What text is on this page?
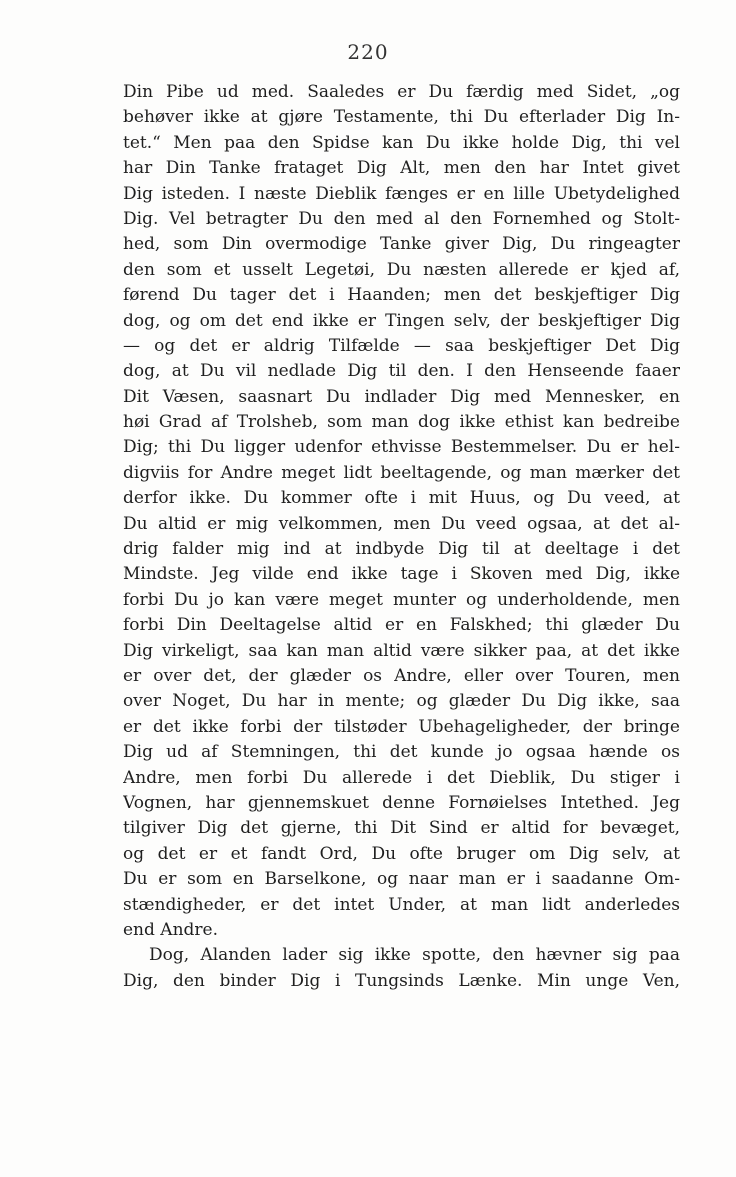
220
Din Pibe ud med. Saaledes er Du færdig med Sidet, „og
behøver ikke at gjøre Testamente, thi Du efterlader Dig In-
tet.“ Men paa den Spidse kan Du ikke holde Dig, thi vel
har Din Tanke frataget Dig Alt, men den har Intet givet
Dig isteden. I næste Dieblik fænges er en lille Ubetydelighed
Dig. Vel betragter Du den med al den Fornemhed og Stolt-
hed, som Din overmodige Tanke giver Dig, Du ringeagter
den som et usselt Legetøi, Du næsten allerede er kjed af,
førend Du tager det i Haanden; men det beskjeftiger Dig
dog, og om det end ikke er Tingen selv, der beskjeftiger Dig
— og det er aldrig Tilfælde — saa beskjeftiger Det Dig
dog, at Du vil nedlade Dig til den. I den Henseende faaer
Dit Væsen, saasnart Du indlader Dig med Mennesker, en
høi Grad af Trolsheb, som man dog ikke ethist kan bedreibe
Dig; thi Du ligger udenfor ethvisse Bestemmelser. Du er hel-
digviis for Andre meget lidt beeltagende, og man mærker det
derfor ikke. Du kommer ofte i mit Huus, og Du veed, at
Du altid er mig velkommen, men Du veed ogsaa, at det al-
drig falder mig ind at indbyde Dig til at deeltage i det
Mindste. Jeg vilde end ikke tage i Skoven med Dig, ikke
forbi Du jo kan være meget munter og underholdende, men
forbi Din Deeltagelse altid er en Falskhed; thi glæder Du
Dig virkeligt, saa kan man altid være sikker paa, at det ikke
er over det, der glæder os Andre, eller over Touren, men
over Noget, Du har in mente; og glæder Du Dig ikke, saa
er det ikke forbi der tilstøder Ubehageligheder, der bringe
Dig ud af Stemningen, thi det kunde jo ogsaa hænde os
Andre, men forbi Du allerede i det Dieblik, Du stiger i
Vognen, har gjennemskuet denne Fornøielses Intethed. Jeg
tilgiver Dig det gjerne, thi Dit Sind er altid for bevæget,
og det er et fandt Ord, Du ofte bruger om Dig selv, at
Du er som en Barselkone, og naar man er i saadanne Om-
stændigheder, er det intet Under, at man lidt anderledes
end Andre.
Dog, Alanden lader sig ikke spotte, den hævner sig paa
Dig, den binder Dig i Tungsinds Lænke. Min unge Ven,
